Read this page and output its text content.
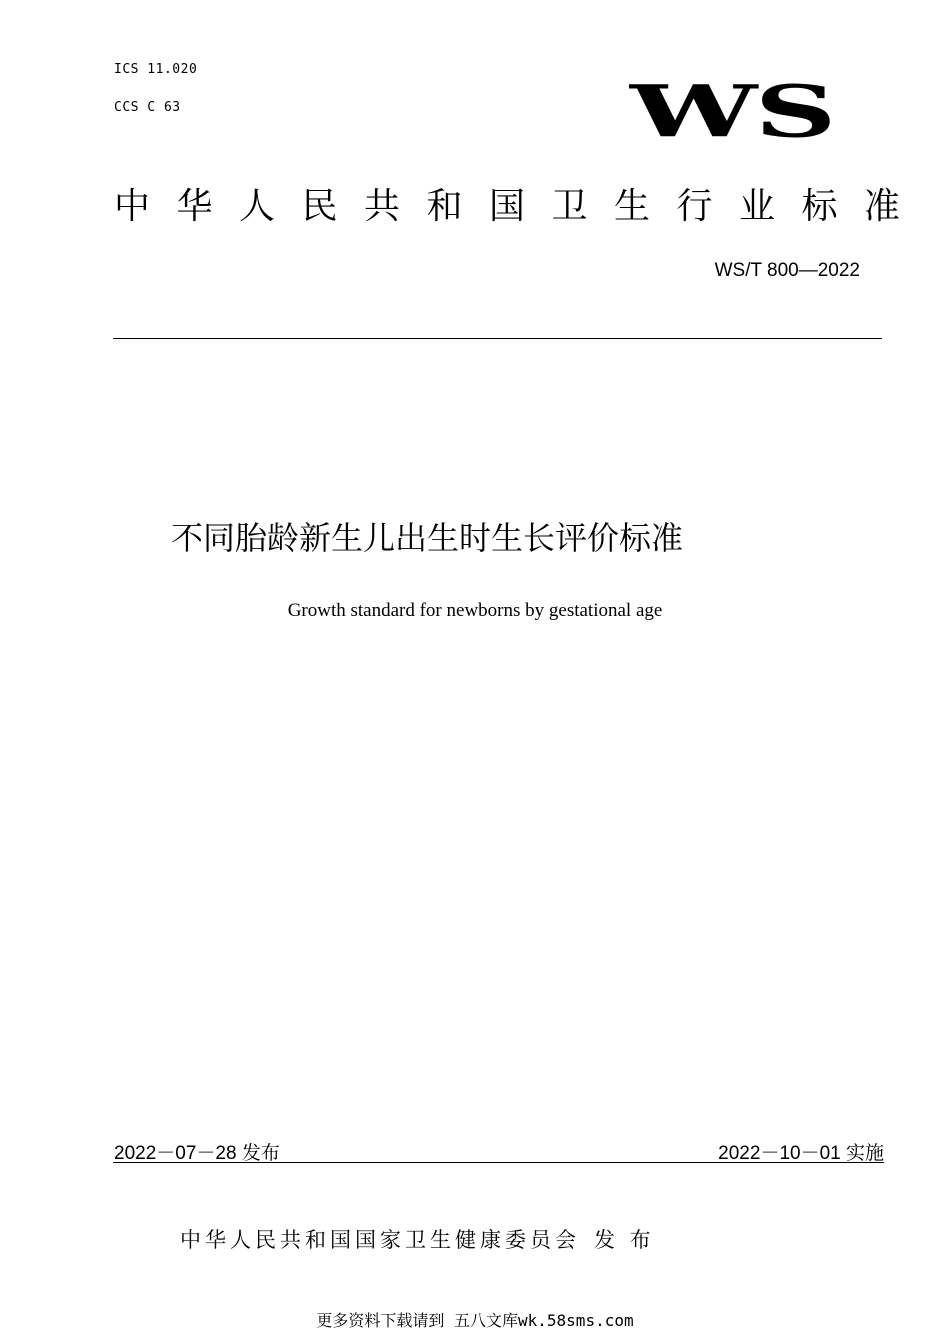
ICS 11.020
CCS C 63	WS
中华人民共和国卫生行业标准
WS/T 800—2022
不同胎龄新生儿出生时生长评价标准
Growth standard for newborns by gestational age
2022－07－28 发布	2022－10－01 实施
中华人民共和国国家卫生健康委员会 发 布
更多资料下载请到 五八文库wk.58sms.com
